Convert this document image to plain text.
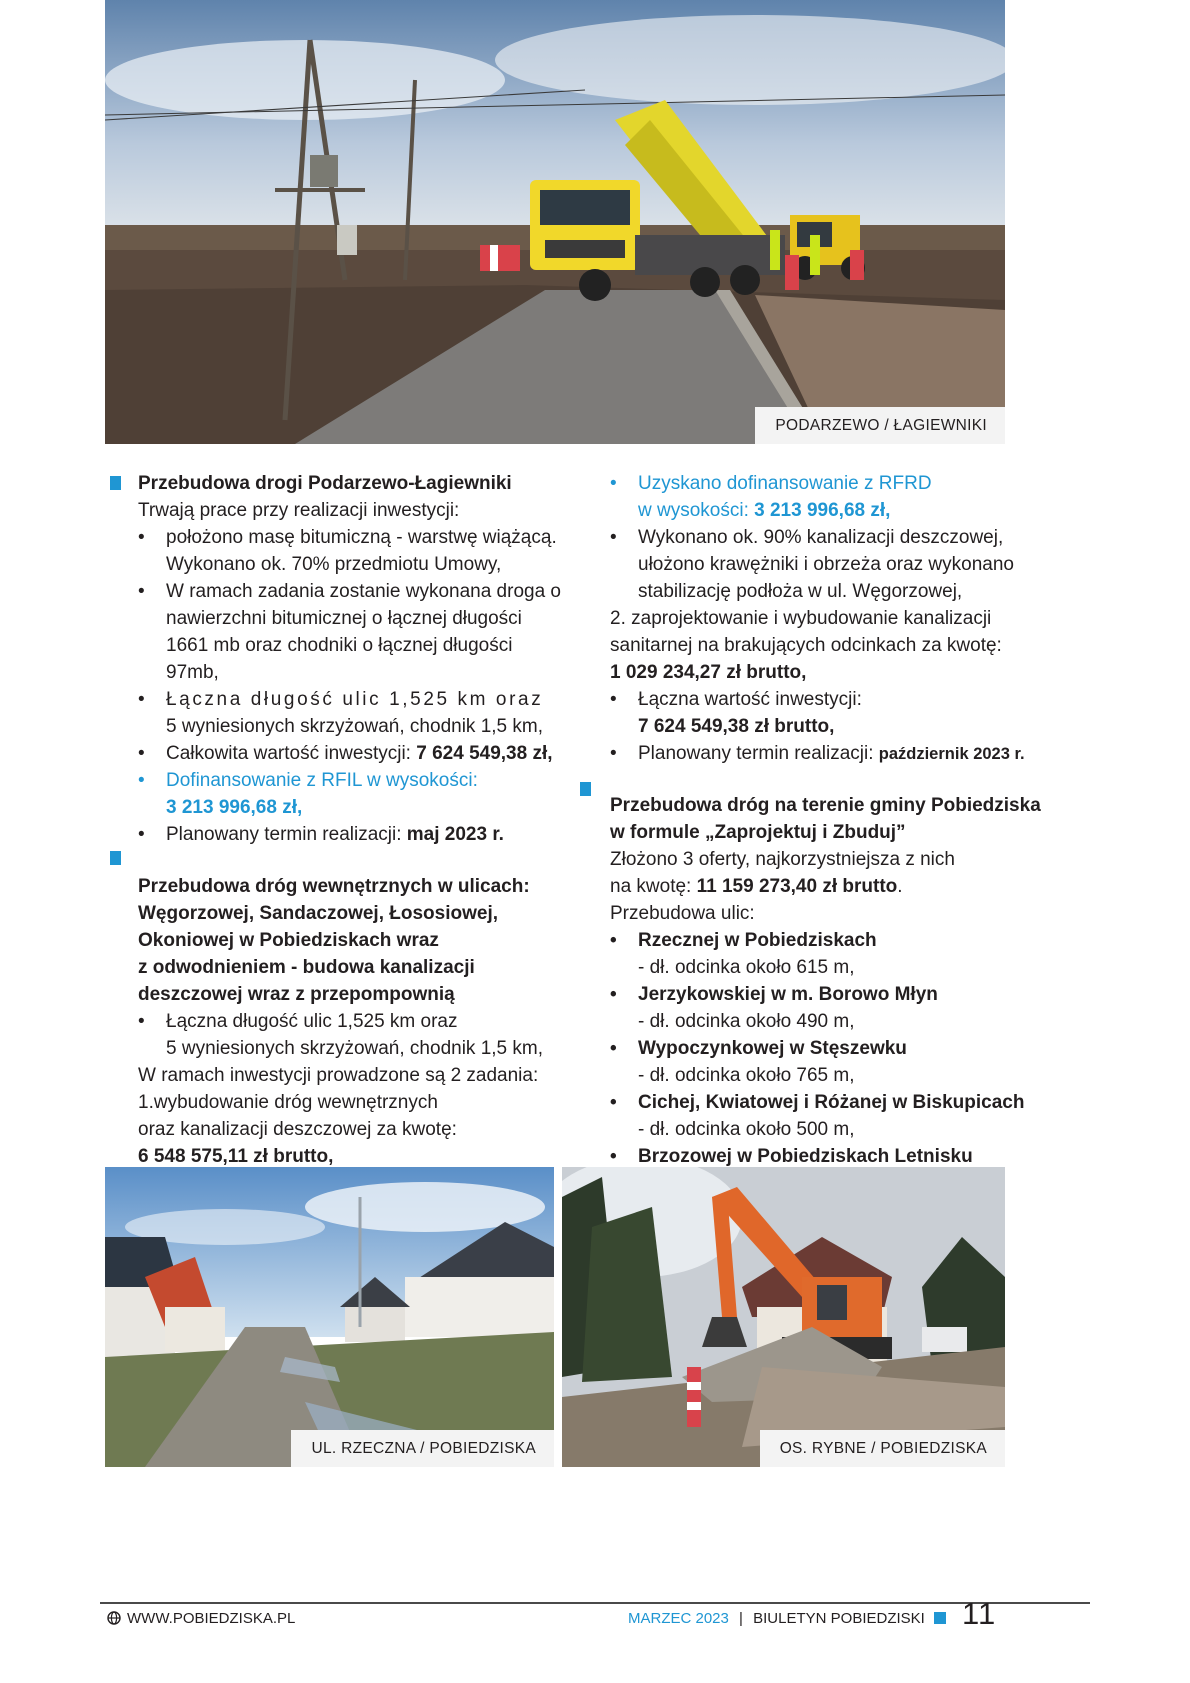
PODARZEWO / ŁAGIEWNIKI
Przebudowa drogi Podarzewo-Łagiewniki
Trwają prace przy realizacji inwestycji:
• położono masę bitumiczną - warstwę wiążącą.
Wykonano ok. 70% przedmiotu Umowy,
• W ramach zadania zostanie wykonana droga o
nawierzchni bitumicznej o łącznej długości
1661 mb oraz chodniki o łącznej długości
97mb,
• Łączna długość ulic 1,525 km oraz
5 wyniesionych skrzyżowań, chodnik 1,5 km,
• Całkowita wartość inwestycji: 7 624 549,38 zł,
• Dofinansowanie z RFIL w wysokości:
3 213 996,68 zł,
• Planowany termin realizacji: maj 2023 r.
Przebudowa dróg wewnętrznych w ulicach:
Węgorzowej, Sandaczowej, Łososiowej,
Okoniowej w Pobiedziskach wraz
z odwodnieniem - budowa kanalizacji
deszczowej wraz z przepompownią
• Łączna długość ulic 1,525 km oraz
5 wyniesionych skrzyżowań, chodnik 1,5 km,
W ramach inwestycji prowadzone są 2 zadania:
1.wybudowanie dróg wewnętrznych
oraz kanalizacji deszczowej za kwotę:
6 548 575,11 zł brutto,
• Uzyskano dofinansowanie z RFRD
w wysokości: 3 213 996,68 zł,
• Wykonano ok. 90% kanalizacji deszczowej,
ułożono krawężniki i obrzeża oraz wykonano
stabilizację podłoża w ul. Węgorzowej,
2. zaprojektowanie i wybudowanie kanalizacji
sanitarnej na brakujących odcinkach za kwotę:
1 029 234,27 zł brutto,
• Łączna wartość inwestycji:
7 624 549,38 zł brutto,
• Planowany termin realizacji: październik 2023 r.
Przebudowa dróg na terenie gminy Pobiedziska
w formule „Zaprojektuj i Zbuduj”
Złożono 3 oferty, najkorzystniejsza z nich
na kwotę: 11 159 273,40 zł brutto.
Przebudowa ulic:
• Rzecznej w Pobiedziskach
- dł. odcinka około 615 m,
• Jerzykowskiej w m. Borowo Młyn
- dł. odcinka około 490 m,
• Wypoczynkowej w Stęszewku
- dł. odcinka około 765 m,
• Cichej, Kwiatowej i Różanej w Biskupicach
- dł. odcinka około 500 m,
• Brzozowej w Pobiedziskach Letnisku
UL. RZECZNA / POBIEDZISKA	OS. RYBNE / POBIEDZISKA
WWW.POBIEDZISKA.PL	MARZEC 2023 | BIULETYN POBIEDZISKI 11
